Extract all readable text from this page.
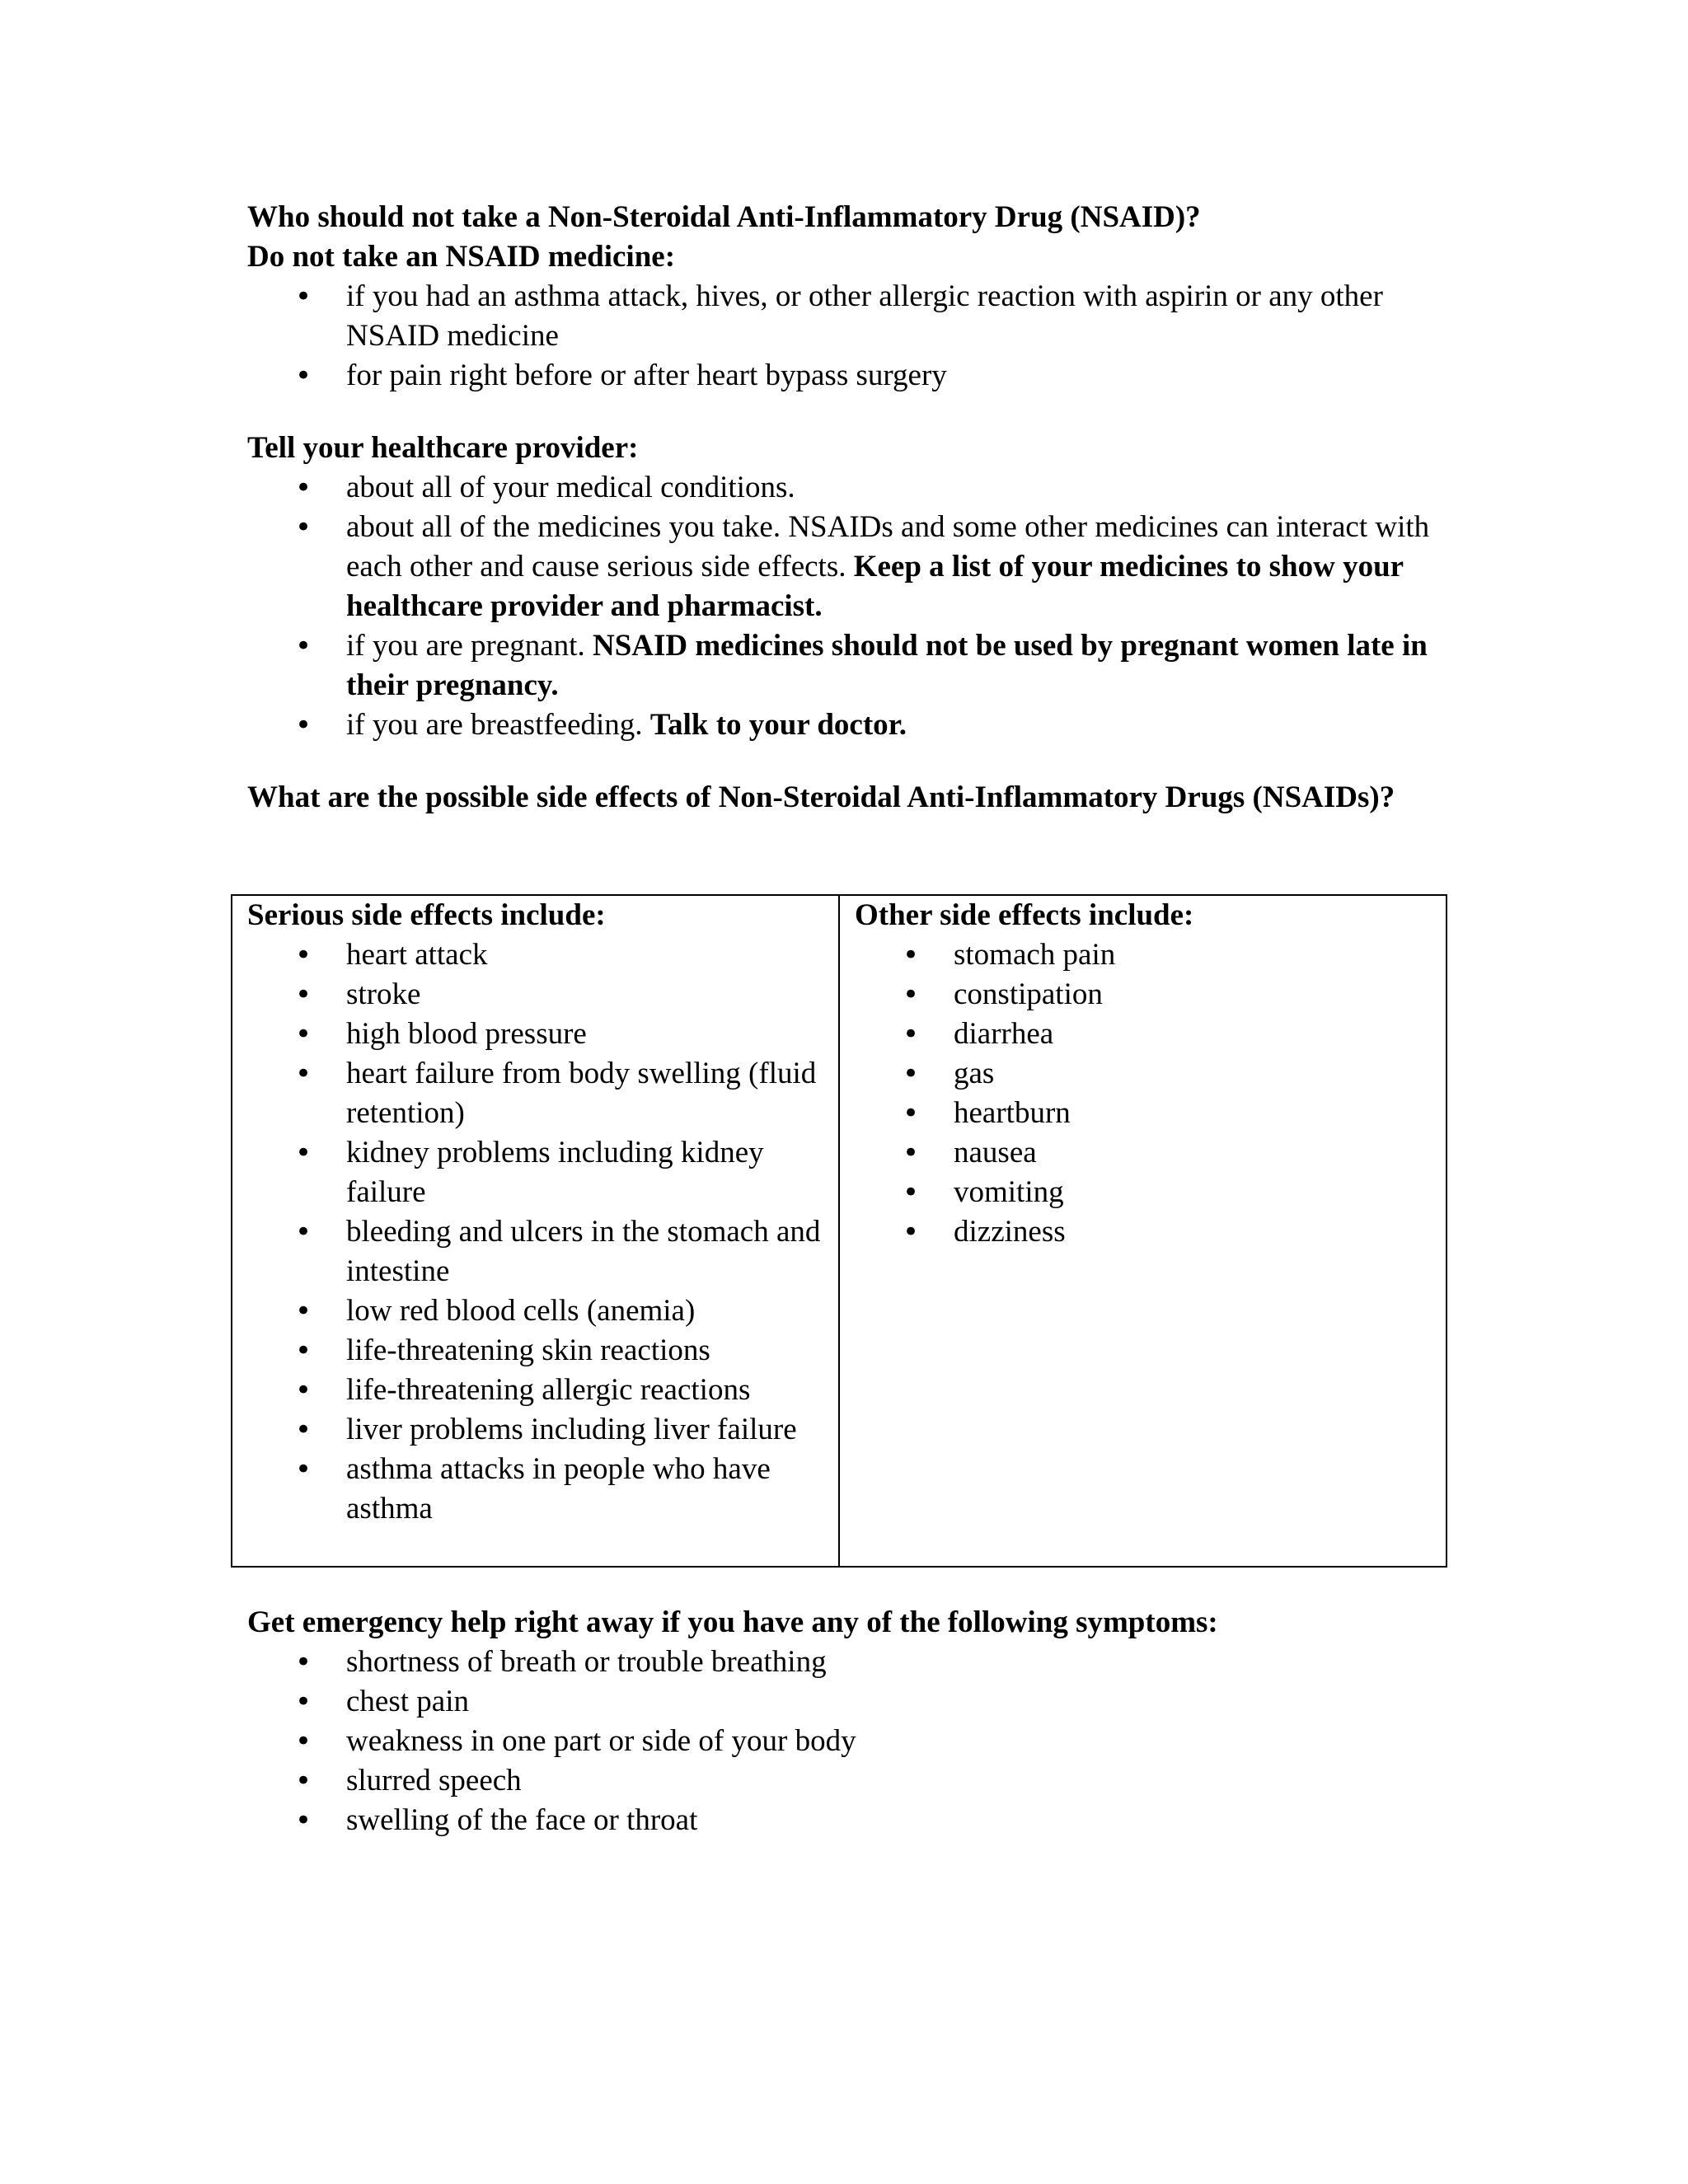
Who should not take a Non-Steroidal Anti-Inflammatory Drug (NSAID)?

Do not take an NSAID medicine:

• if you had an asthma attack, hives, or other allergic reaction with aspirin or any other NSAID medicine
• for pain right before or after heart bypass surgery

Tell your healthcare provider:

• about all of your medical conditions.
• about all of the medicines you take. NSAIDs and some other medicines can interact with each other and cause serious side effects. Keep a list of your medicines to show your healthcare provider and pharmacist.
• if you are pregnant. NSAID medicines should not be used by pregnant women late in their pregnancy.
• if you are breastfeeding. Talk to your doctor.

What are the possible side effects of Non-Steroidal Anti-Inflammatory Drugs (NSAIDs)?

Serious side effects include:

• heart attack
• stroke
• high blood pressure
• heart failure from body swelling (fluid retention)
• kidney problems including kidney failure
• bleeding and ulcers in the stomach and intestine
• low red blood cells (anemia)
• life-threatening skin reactions
• life-threatening allergic reactions
• liver problems including liver failure
• asthma attacks in people who have asthma

Other side effects include:

• stomach pain
• constipation
• diarrhea
• gas
• heartburn
• nausea
• vomiting
• dizziness

Get emergency help right away if you have any of the following symptoms:

• shortness of breath or trouble breathing
• chest pain
• weakness in one part or side of your body
• slurred speech
• swelling of the face or throat
